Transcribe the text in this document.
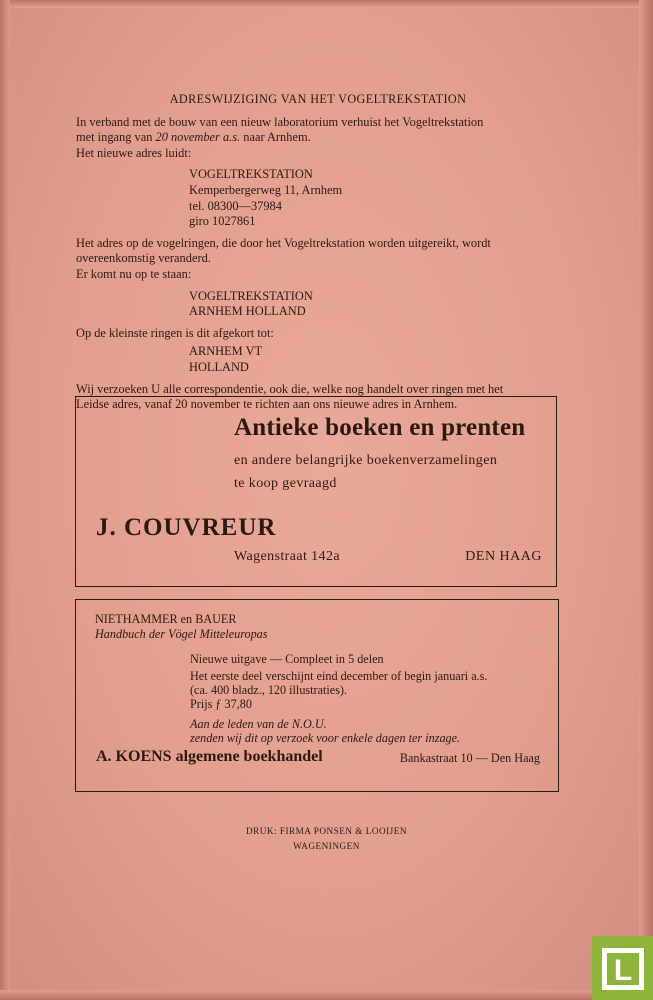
ADRESWIJZIGING VAN HET VOGELTREKSTATION

In verband met de bouw van een nieuw laboratorium verhuist het Vogeltrekstation

met ingang van 20 november a.s. naar Arnhem.

Het nieuwe adres luidt:

VOGELTREKSTATION

Kemperbergerweg 11, Arnhem

tel. 08300—37984

giro 1027861

Het adres op de vogelringen, die door het Vogeltrekstation worden uitgereikt, wordt

overeenkomstig veranderd.

Er komt nu op te staan:

VOGELTREKSTATION

ARNHEM HOLLAND

Op de kleinste ringen is dit afgekort tot:

ARNHEM VT

HOLLAND

Wij verzoeken U alle correspondentie, ook die, welke nog handelt over ringen met het

Leidse adres, vanaf 20 november te richten aan ons nieuwe adres in Arnhem.

Antieke boeken en prenten
en andere belangrijke boekenverzamelingen
te koop gevraagd
J. COUVREUR
Wagenstraat 142a	DEN HAAG
NIETHAMMER en BAUER
Handbuch der Vögel Mitteleuropas
Nieuwe uitgave — Compleet in 5 delen
Het eerste deel verschijnt eind december of begin januari a.s.
(ca. 400 bladz., 120 illustraties).
Prijs ƒ 37,80
Aan de leden van de N.O.U.
zenden wij dit op verzoek voor enkele dagen ter inzage.
A. KOENS algemene boekhandel	Bankastraat 10 — Den Haag
DRUK: FIRMA PONSEN & LOOIJEN
WAGENINGEN
L
